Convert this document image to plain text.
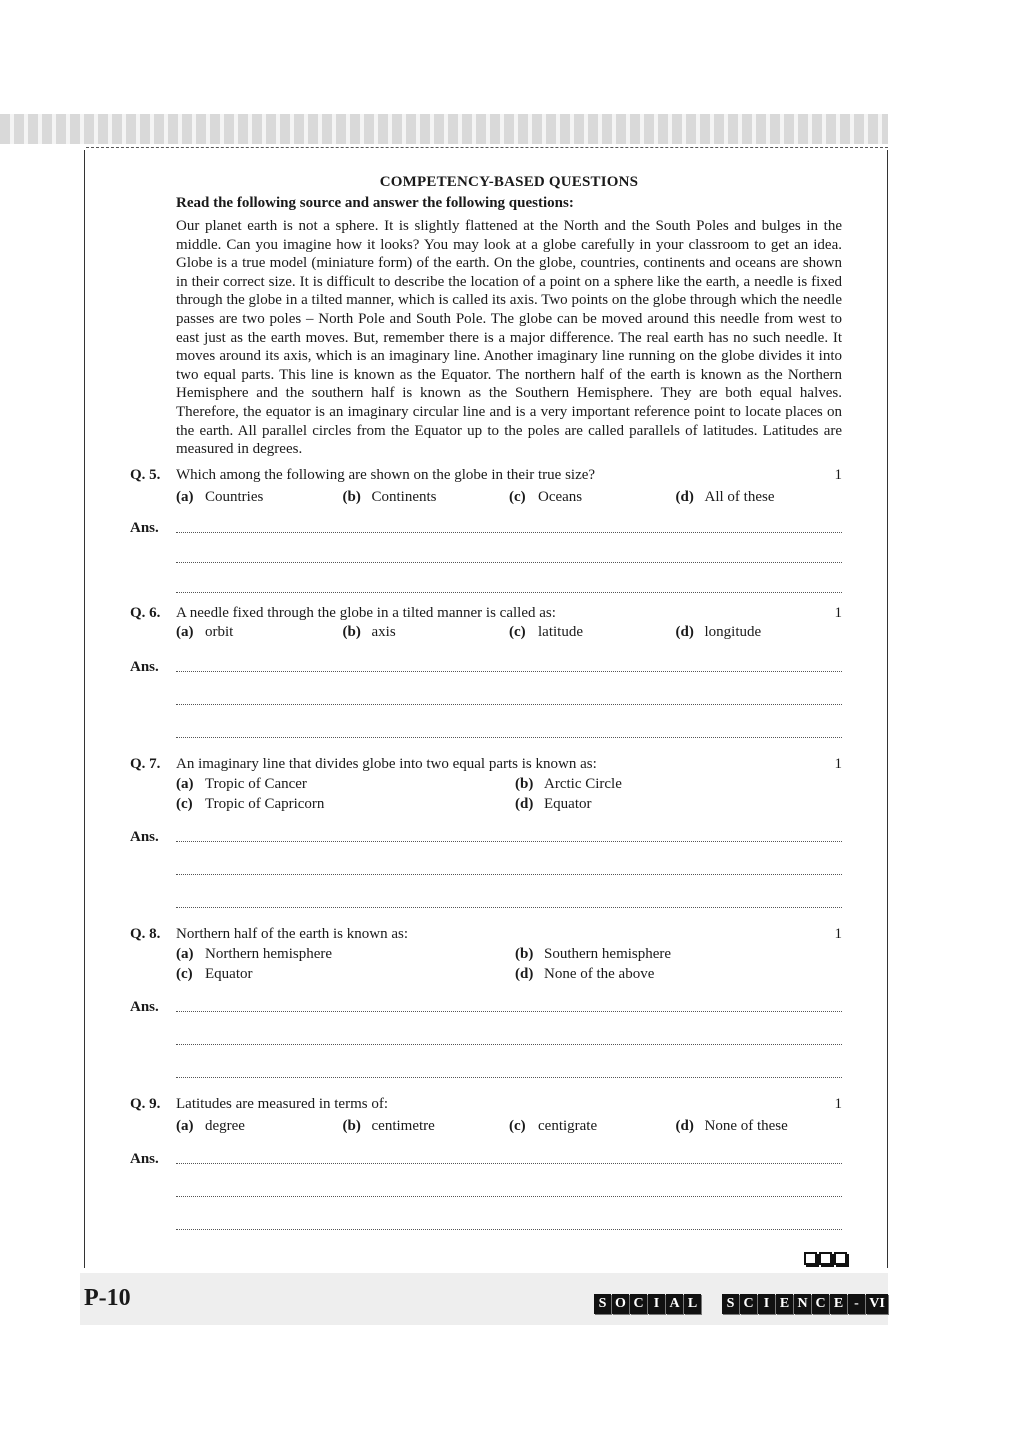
COMPETENCY-BASED QUESTIONS
Read the following source and answer the following questions:
Our planet earth is not a sphere. It is slightly flattened at the North and the South Poles and bulges in the middle. Can you imagine how it looks? You may look at a globe carefully in your classroom to get an idea. Globe is a true model (miniature form) of the earth. On the globe, countries, continents and oceans are shown in their correct size. It is difficult to describe the location of a point on a sphere like the earth, a needle is fixed through the globe in a tilted manner, which is called its axis. Two points on the globe through which the needle passes are two poles – North Pole and South Pole. The globe can be moved around this needle from west to east just as the earth moves. But, remember there is a major difference. The real earth has no such needle. It moves around its axis, which is an imaginary line. Another imaginary line running on the globe divides it into two equal parts. This line is known as the Equator. The northern half of the earth is known as the Northern Hemisphere and the southern half is known as the Southern Hemisphere. They are both equal halves. Therefore, the equator is an imaginary circular line and is a very important reference point to locate places on the earth. All parallel circles from the Equator up to the poles are called parallels of latitudes. Latitudes are measured in degrees.
Q. 5.	Which among the following are shown on the globe in their true size?	1
(a) Countries	(b) Continents	(c) Oceans	(d) All of these
Ans.
Q. 6.	A needle fixed through the globe in a tilted manner is called as:	1
(a) orbit	(b) axis	(c) latitude	(d) longitude
Ans.
Q. 7.	An imaginary line that divides globe into two equal parts is known as:	1
(a) Tropic of Cancer	(b) Arctic Circle
(c) Tropic of Capricorn	(d) Equator
Ans.
Q. 8.	Northern half of the earth is known as:	1
(a) Northern hemisphere	(b) Southern hemisphere
(c) Equator	(d) None of the above
Ans.
Q. 9.	Latitudes are measured in terms of:	1
(a) degree	(b) centimetre	(c) centigrate	(d) None of these
Ans.
P-10	S O C I A L	S C I E N C E - VI
